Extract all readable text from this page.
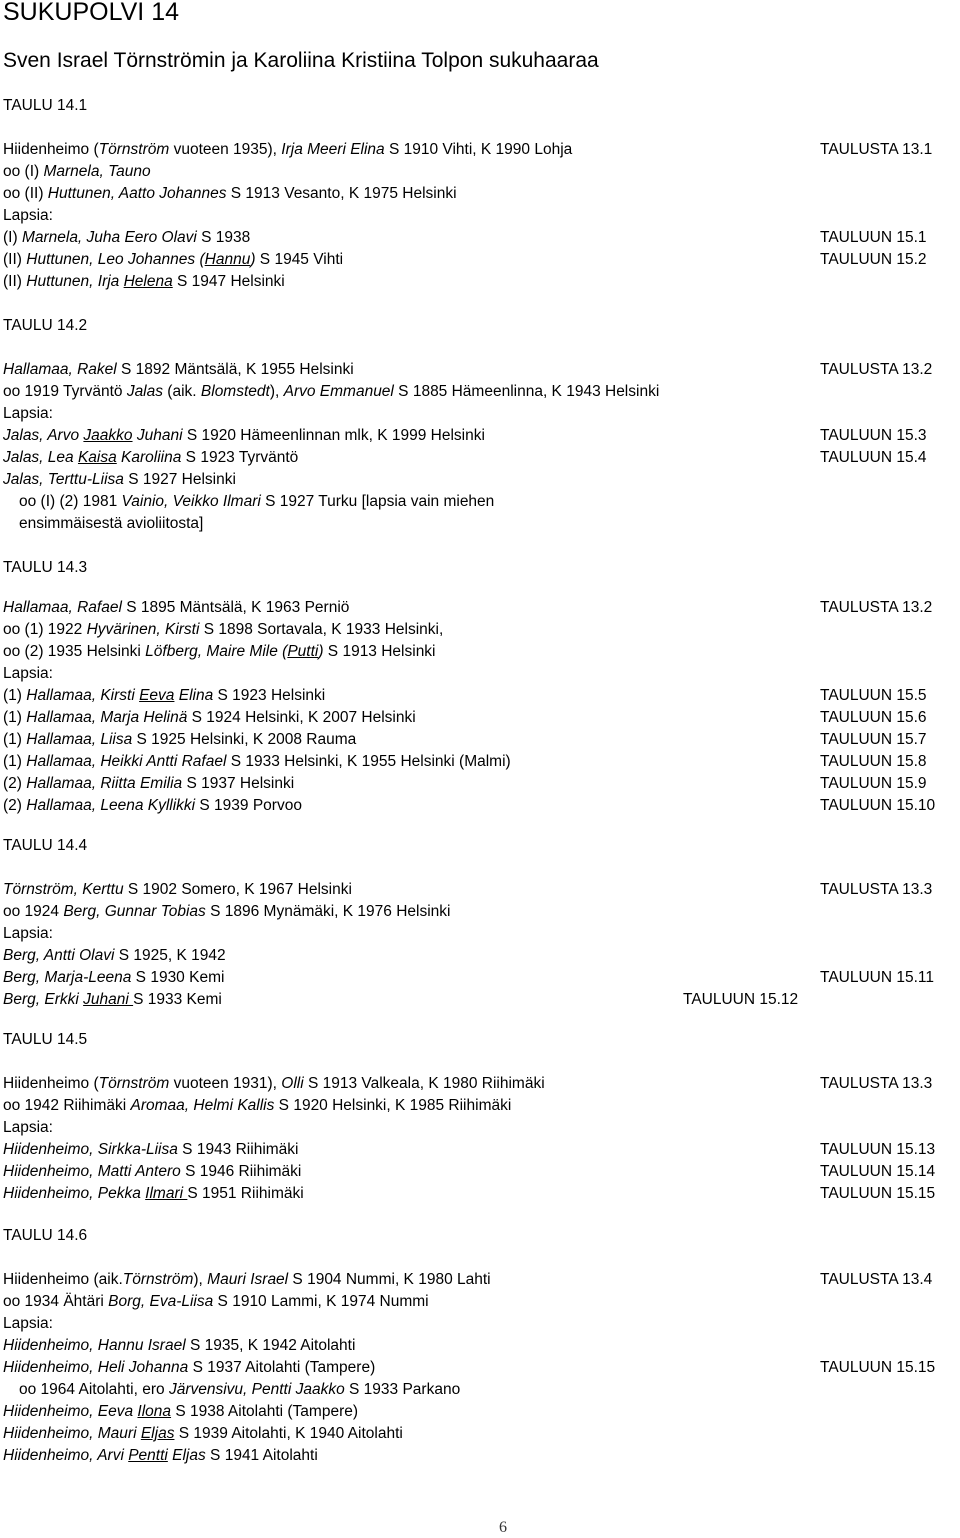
SUKUPOLVI 14
Sven Israel Törnströmin ja Karoliina Kristiina Tolpon sukuhaaraa
TAULU 14.1
Hiidenheimo (Törnström vuoteen 1935), Irja Meeri Elina S 1910 Vihti, K 1990 Lohja
oo (I) Marnela, Tauno
oo (II) Huttunen, Aatto Johannes S 1913 Vesanto, K 1975 Helsinki
Lapsia:
(I) Marnela, Juha Eero Olavi S 1938
(II) Huttunen, Leo Johannes (Hannu) S 1945 Vihti
(II) Huttunen, Irja Helena S 1947 Helsinki
TAULUSTA 13.1
TAULUUN 15.1
TAULUUN 15.2
TAULU 14.2
Hallamaa, Rakel S 1892 Mäntsälä, K 1955 Helsinki
oo 1919 Tyrväntö Jalas (aik. Blomstedt), Arvo Emmanuel S 1885 Hämeenlinna, K 1943 Helsinki
Lapsia:
Jalas, Arvo Jaakko Juhani S 1920 Hämeenlinnan mlk, K 1999 Helsinki
Jalas, Lea Kaisa Karoliina S 1923 Tyrväntö
Jalas, Terttu-Liisa S 1927 Helsinki
oo (I) (2) 1981 Vainio, Veikko Ilmari S 1927 Turku [lapsia vain miehen
ensimmäisestä avioliitosta]
TAULUSTA 13.2
TAULUUN 15.3
TAULUUN 15.4
TAULU 14.3
Hallamaa, Rafael S 1895 Mäntsälä, K 1963 Perniö
oo (1) 1922 Hyvärinen, Kirsti S 1898 Sortavala, K 1933 Helsinki,
oo (2) 1935 Helsinki Löfberg, Maire Mile (Putti) S 1913 Helsinki
Lapsia:
(1) Hallamaa, Kirsti Eeva Elina S 1923 Helsinki
(1) Hallamaa, Marja Helinä S 1924 Helsinki, K 2007 Helsinki
(1) Hallamaa, Liisa S 1925 Helsinki, K 2008 Rauma
(1) Hallamaa, Heikki Antti Rafael S 1933 Helsinki, K 1955 Helsinki (Malmi)
(2) Hallamaa, Riitta Emilia S 1937 Helsinki
(2) Hallamaa, Leena Kyllikki S 1939 Porvoo
TAULUSTA 13.2
TAULUUN 15.5
TAULUUN 15.6
TAULUUN 15.7
TAULUUN 15.8
TAULUUN 15.9
TAULUUN 15.10
TAULU 14.4
Törnström, Kerttu S 1902 Somero, K 1967 Helsinki
oo 1924 Berg, Gunnar Tobias S 1896 Mynämäki, K 1976 Helsinki
Lapsia:
Berg, Antti Olavi S 1925, K 1942
Berg, Marja-Leena S 1930 Kemi
Berg, Erkki Juhani S 1933 Kemi
TAULUSTA 13.3
TAULUUN 15.11
TAULUUN 15.12
TAULU 14.5
Hiidenheimo (Törnström vuoteen 1931), Olli S 1913 Valkeala, K 1980 Riihimäki
oo 1942 Riihimäki Aromaa, Helmi Kallis S 1920 Helsinki, K 1985 Riihimäki
Lapsia:
Hiidenheimo, Sirkka-Liisa S 1943 Riihimäki
Hiidenheimo, Matti Antero S 1946 Riihimäki
Hiidenheimo, Pekka Ilmari S 1951 Riihimäki
TAULUSTA 13.3
TAULUUN 15.13
TAULUUN 15.14
TAULUUN 15.15
TAULU 14.6
Hiidenheimo (aik.Törnström), Mauri Israel S 1904 Nummi, K 1980 Lahti
oo 1934 Ähtäri Borg, Eva-Liisa S 1910 Lammi, K 1974 Nummi
Lapsia:
Hiidenheimo, Hannu Israel S 1935, K 1942 Aitolahti
Hiidenheimo, Heli Johanna S 1937 Aitolahti (Tampere)
oo 1964 Aitolahti, ero Järvensivu, Pentti Jaakko S 1933 Parkano
Hiidenheimo, Eeva Ilona S 1938 Aitolahti (Tampere)
Hiidenheimo, Mauri Eljas S 1939 Aitolahti, K 1940 Aitolahti
Hiidenheimo, Arvi Pentti Eljas S 1941 Aitolahti
TAULUSTA 13.4
TAULUUN 15.15
6
